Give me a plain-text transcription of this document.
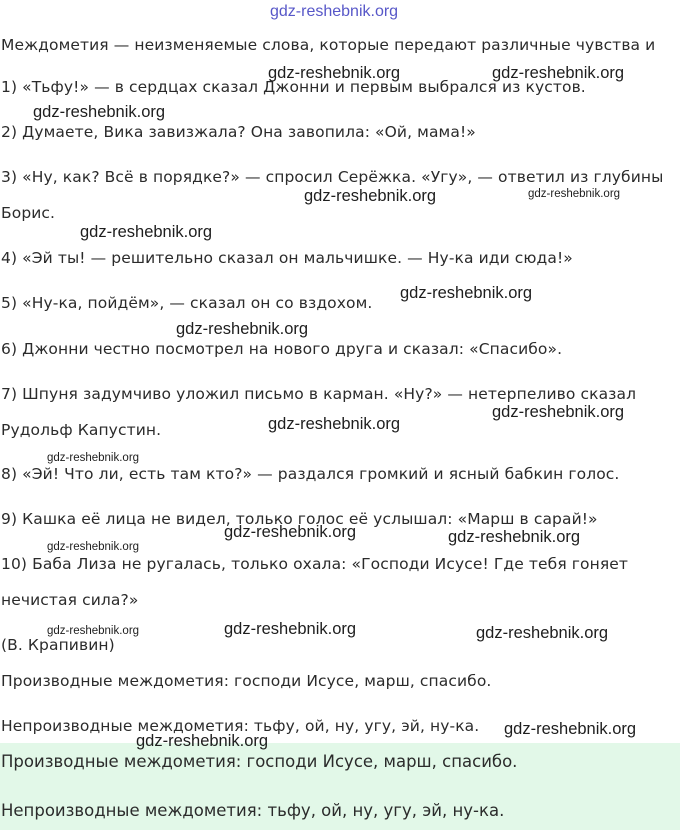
gdz-reshebnik.org
Междометия — неизменяемые слова, которые передают различные чувства и
1) «Тьфу!» — в сердцах сказал Джонни и первым выбрался из кустов.
2) Думаете, Вика завизжала? Она завопила: «Ой, мама!»
3) «Ну, как? Всё в порядке?» — спросил Серёжка. «Угу», — ответил из глубины
Борис.
4) «Эй ты! — решительно сказал он мальчишке. — Ну-ка иди сюда!»
5) «Ну-ка, пойдём», — сказал он со вздохом.
6) Джонни честно посмотрел на нового друга и сказал: «Спасибо».
7) Шпуня задумчиво уложил письмо в карман. «Ну?» — нетерпеливо сказал
Рудольф Капустин.
8) «Эй! Что ли, есть там кто?» — раздался громкий и ясный бабкин голос.
9) Кашка её лица не видел, только голос её услышал: «Марш в сарай!»
10) Баба Лиза не ругалась, только охала: «Господи Исусе! Где тебя гоняет
нечистая сила?»
(В. Крапивин)
Производные междометия: господи Исусе, марш, спасибо.
Непроизводные междометия: тьфу, ой, ну, угу, эй, ну-ка.
Производные междометия: господи Исусе, марш, спасибо.
Непроизводные междометия: тьфу, ой, ну, угу, эй, ну-ка.
gdz-reshebnik.org	gdz-reshebnik.org
gdz-reshebnik.org
gdz-reshebnik.org	gdz-reshebnik.org
gdz-reshebnik.org
gdz-reshebnik.org
gdz-reshebnik.org
gdz-reshebnik.org
gdz-reshebnik.org
gdz-reshebnik.org
gdz-reshebnik.org	gdz-reshebnik.org
gdz-reshebnik.org
gdz-reshebnik.org	gdz-reshebnik.org	gdz-reshebnik.org
gdz-reshebnik.org
gdz-reshebnik.org
